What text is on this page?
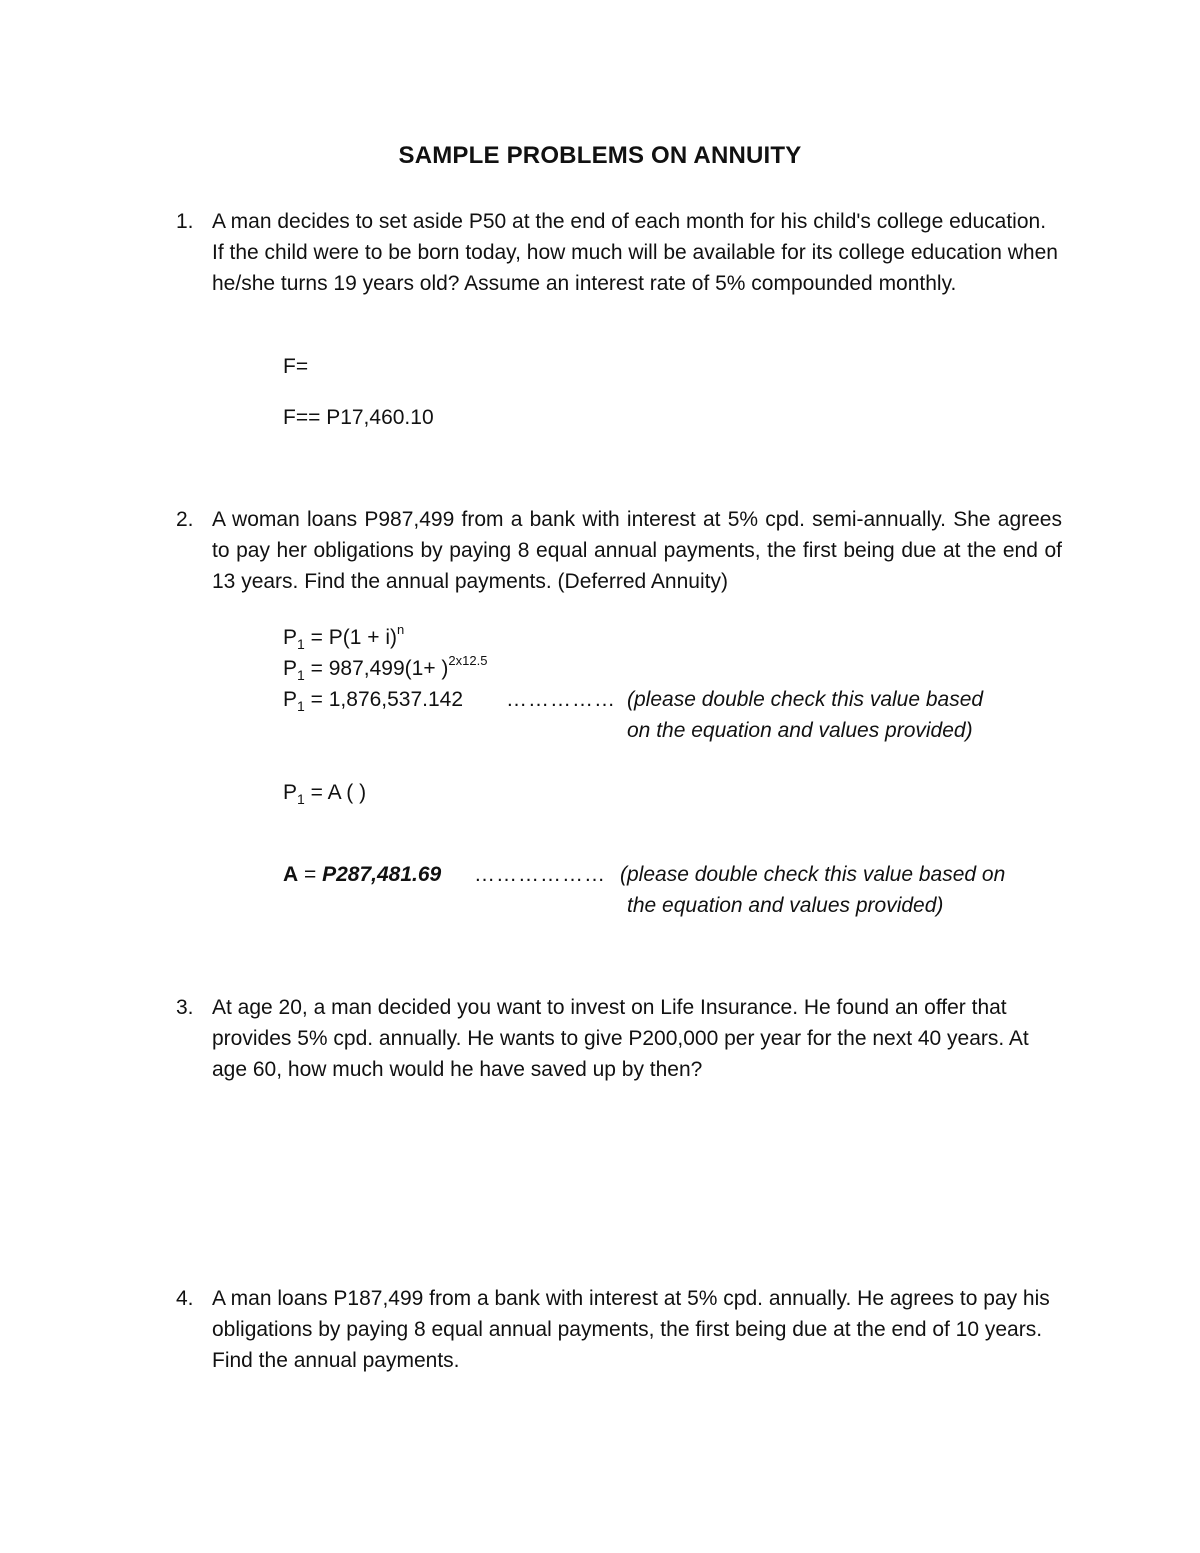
SAMPLE PROBLEMS ON ANNUITY
1. A man decides to set aside P50 at the end of each month for his child's college education. If the child were to be born today, how much will be available for its college education when he/she turns 19 years old? Assume an interest rate of 5% compounded monthly.
F=
F== P17,460.10
2. A woman loans P987,499 from a bank with interest at 5% cpd. semi-annually. She agrees to pay her obligations by paying 8 equal annual payments, the first being due at the end of 13 years. Find the annual payments. (Deferred Annuity)
$P_1 = P(1 + i)^n$
$P_1 = 987,499(1+ )^{2x12.5}$
$P_1 = 1,876,537.142$ …………… (please double check this value based
on the equation and values provided)
$P_1 = A$ ( )
A = P287,481.69 ……………… (please double check this value based on
the equation and values provided)
3. At age 20, a man decided you want to invest on Life Insurance. He found an offer that provides 5% cpd. annually. He wants to give P200,000 per year for the next 40 years. At age 60, how much would he have saved up by then?
4. A man loans P187,499 from a bank with interest at 5% cpd. annually. He agrees to pay his obligations by paying 8 equal annual payments, the first being due at the end of 10 years. Find the annual payments.
